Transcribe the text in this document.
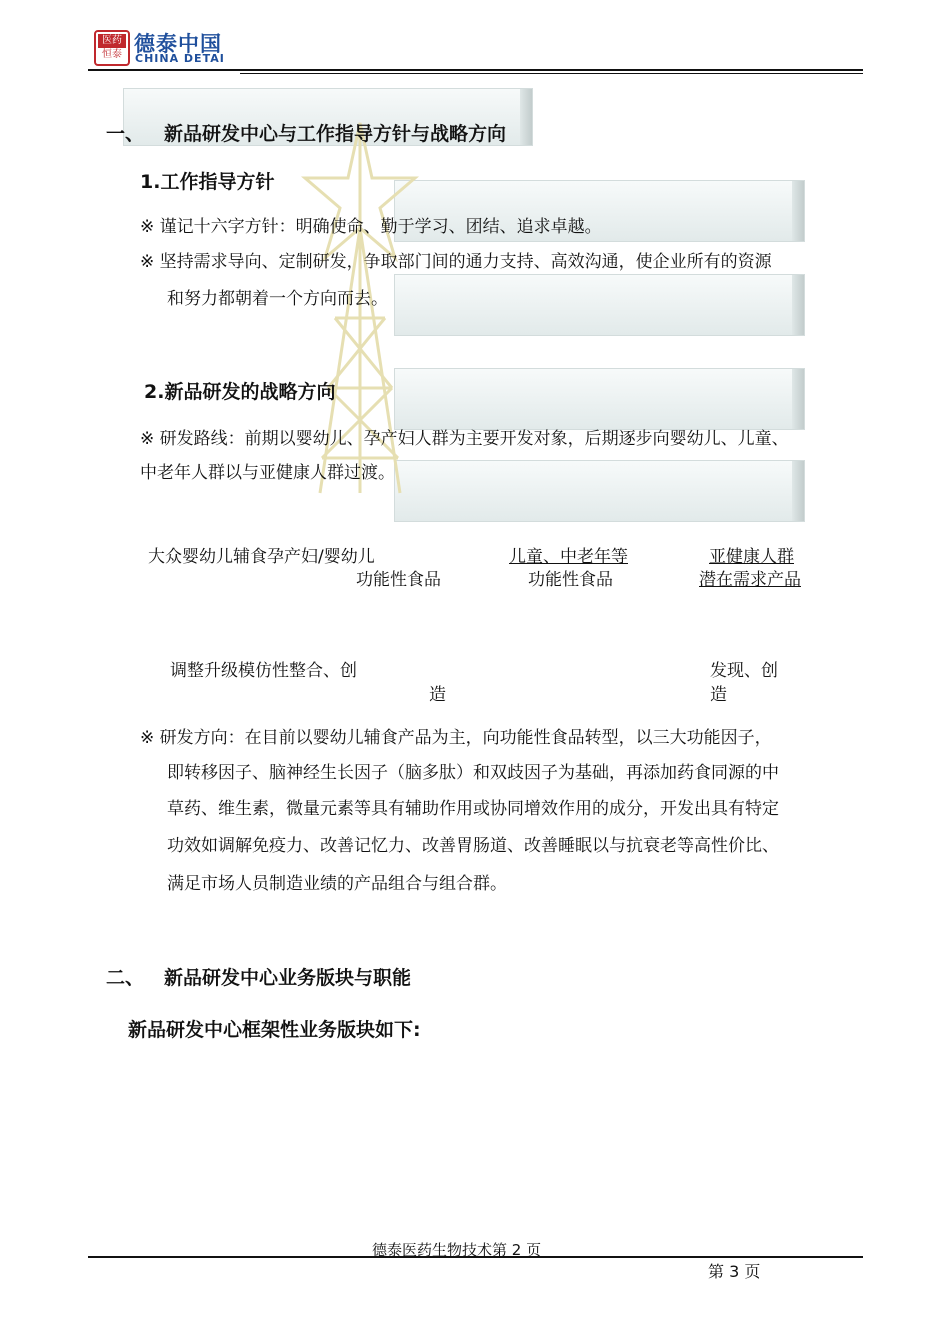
医药
恒泰 德泰中国
CHINA DETAI
一、 新品研发中心与工作指导方针与战略方向
1.工作指导方针
※ 谨记十六字方针：明确使命、勤于学习、团结、追求卓越。
※ 坚持需求导向、定制研发，争取部门间的通力支持、高效沟通，使企业所有的资源
和努力都朝着一个方向而去。
2.新品研发的战略方向
※ 研发路线：前期以婴幼儿、孕产妇人群为主要开发对象，后期逐步向婴幼儿、儿童、
中老年人群以与亚健康人群过渡。
大众婴幼儿辅食孕产妇/婴幼儿
功能性食品
儿童、中老年等
功能性食品
亚健康人群
潜在需求产品
调整升级模仿性整合、创
造
发现、创
造
※ 研发方向：在目前以婴幼儿辅食产品为主，向功能性食品转型，以三大功能因子，
即转移因子、脑神经生长因子（脑多肽）和双歧因子为基础，再添加药食同源的中
草药、维生素，微量元素等具有辅助作用或协同增效作用的成分，开发出具有特定
功效如调解免疫力、改善记忆力、改善胃肠道、改善睡眠以与抗衰老等高性价比、
满足市场人员制造业绩的产品组合与组合群。
二、 新品研发中心业务版块与职能
新品研发中心框架性业务版块如下:
德泰医药生物技术第 2 页
第 3 页
